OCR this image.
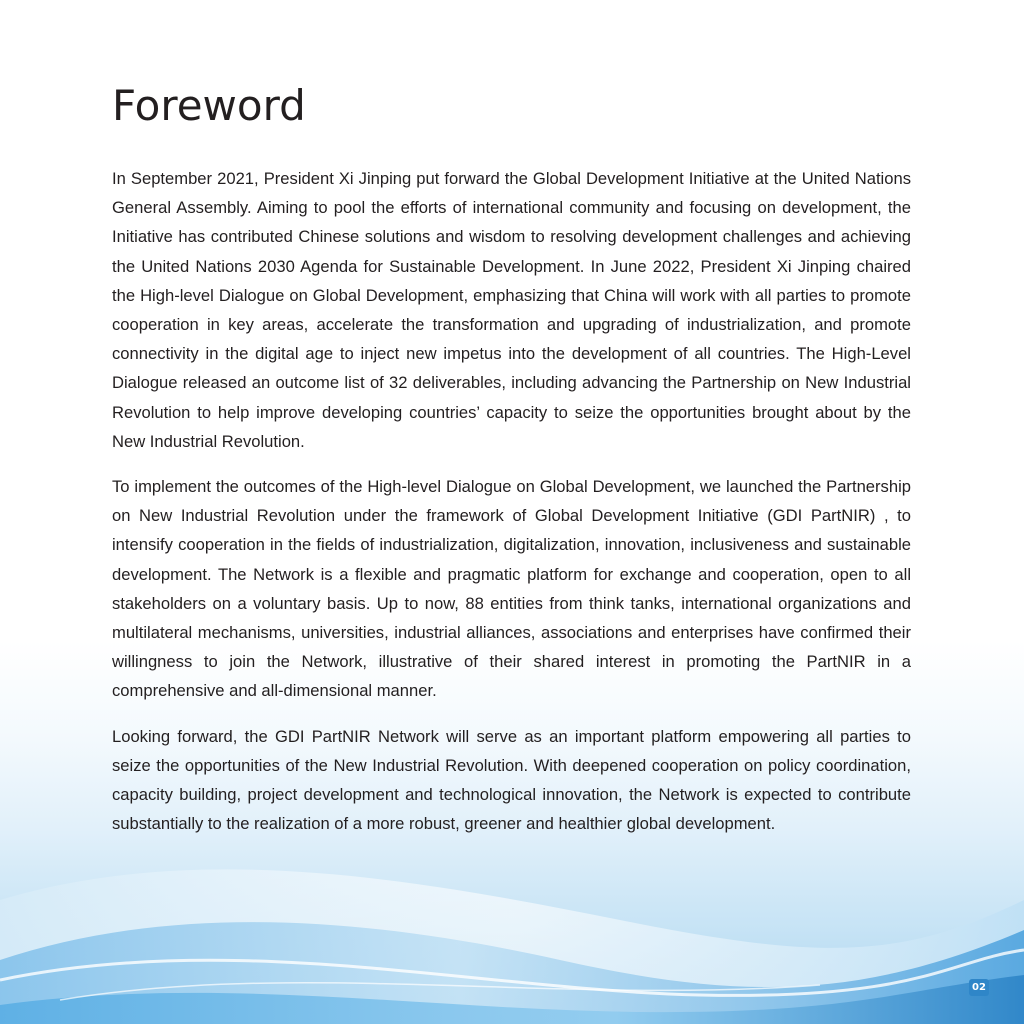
Foreword

In September 2021, President Xi Jinping put forward the Global Development Initiative at the United Nations General Assembly. Aiming to pool the efforts of international community and focusing on development, the Initiative has contributed Chinese solutions and wisdom to resolving development challenges and achieving the United Nations 2030 Agenda for Sustainable Development. In June 2022, President Xi Jinping chaired the High-level Dialogue on Global Development, emphasizing that China will work with all parties to promote cooperation in key areas, accelerate the transformation and upgrading of industrialization, and promote connectivity in the digital age to inject new impetus into the development of all countries. The High-Level Dialogue released an outcome list of 32 deliverables, including advancing the Partnership on New Industrial Revolution to help improve developing countries’ capacity to seize the opportunities brought about by the New Industrial Revolution.

To implement the outcomes of the High-level Dialogue on Global Development, we launched the Partnership on New Industrial Revolution under the framework of Global Development Initiative (GDI PartNIR) , to intensify cooperation in the fields of industrialization, digitalization, innovation, inclusiveness and sustainable development. The Network is a flexible and pragmatic platform for exchange and cooperation, open to all stakeholders on a voluntary basis. Up to now, 88 entities from think tanks, international organizations and multilateral mechanisms, universities, industrial alliances, associations and enterprises have confirmed their willingness to join the Network, illustrative of their shared interest in promoting the PartNIR in a comprehensive and all-dimensional manner.

Looking forward, the GDI PartNIR Network will serve as an important platform empowering all parties to seize the opportunities of the New Industrial Revolution. With deepened cooperation on policy coordination, capacity building, project development and technological innovation, the Network is expected to contribute substantially to the realization of a more robust, greener and healthier global development.

02
